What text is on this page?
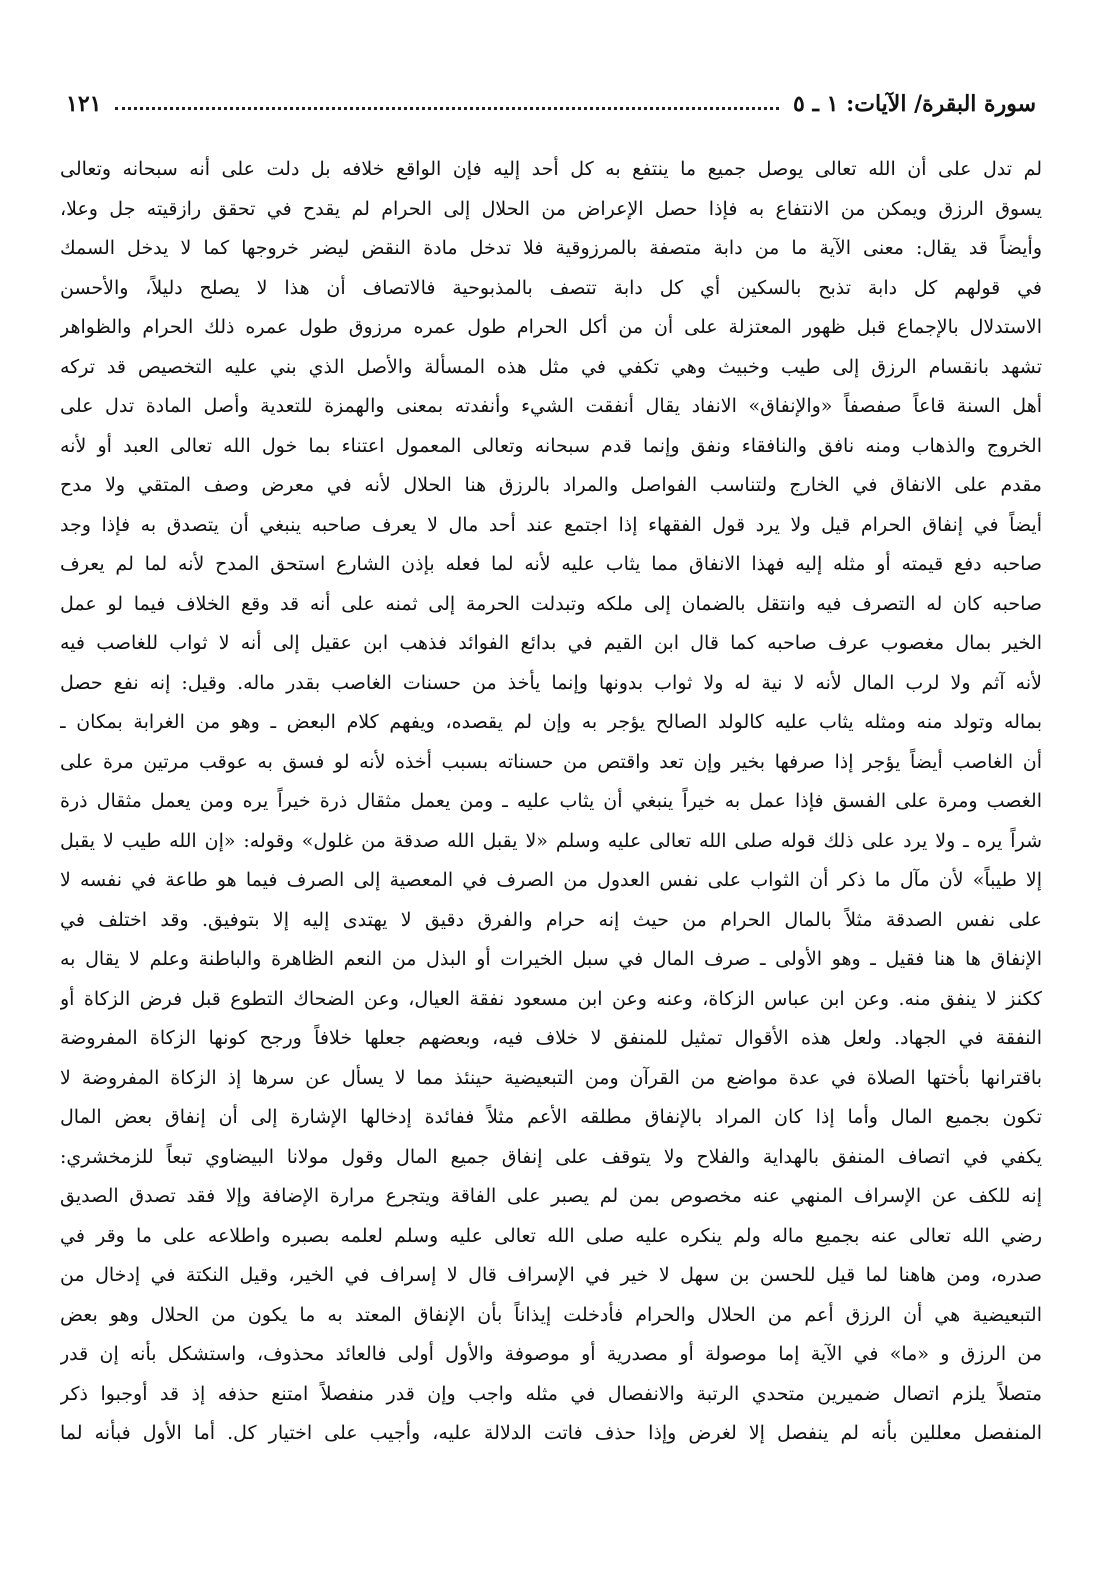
سورة البقرة/ الآيات: ١ ـ ٥
١٢١
لم تدل على أن الله تعالى يوصل جميع ما ينتفع به كل أحد إليه فإن الواقع خلافه بل دلت على أنه سبحانه وتعالى
يسوق الرزق ويمكن من الانتفاع به فإذا حصل الإعراض من الحلال إلى الحرام لم يقدح في تحقق رازقيته جل وعلا،
وأيضاً قد يقال: معنى الآية ما من دابة متصفة بالمرزوقية فلا تدخل مادة النقض ليضر خروجها كما لا يدخل السمك
في قولهم كل دابة تذبح بالسكين أي كل دابة تتصف بالمذبوحية فالاتصاف أن هذا لا يصلح دليلاً، والأحسن
الاستدلال بالإجماع قبل ظهور المعتزلة على أن من أكل الحرام طول عمره مرزوق طول عمره ذلك الحرام والظواهر
تشهد بانقسام الرزق إلى طيب وخبيث وهي تكفي في مثل هذه المسألة والأصل الذي بني عليه التخصيص قد تركه
أهل السنة قاعاً صفصفاً «والإنفاق» الانفاد يقال أنفقت الشيء وأنفدته بمعنى والهمزة للتعدية وأصل المادة تدل على
الخروج والذهاب ومنه نافق والنافقاء ونفق وإنما قدم سبحانه وتعالى المعمول اعتناء بما خول الله تعالى العبد أو لأنه
مقدم على الانفاق في الخارج ولتناسب الفواصل والمراد بالرزق هنا الحلال لأنه في معرض وصف المتقي ولا مدح
أيضاً في إنفاق الحرام قيل ولا يرد قول الفقهاء إذا اجتمع عند أحد مال لا يعرف صاحبه ينبغي أن يتصدق به فإذا وجد
صاحبه دفع قيمته أو مثله إليه فهذا الانفاق مما يثاب عليه لأنه لما فعله بإذن الشارع استحق المدح لأنه لما لم يعرف
صاحبه كان له التصرف فيه وانتقل بالضمان إلى ملكه وتبدلت الحرمة إلى ثمنه على أنه قد وقع الخلاف فيما لو عمل
الخير بمال مغصوب عرف صاحبه كما قال ابن القيم في بدائع الفوائد فذهب ابن عقيل إلى أنه لا ثواب للغاصب فيه
لأنه آثم ولا لرب المال لأنه لا نية له ولا ثواب بدونها وإنما يأخذ من حسنات الغاصب بقدر ماله. وقيل: إنه نفع حصل
بماله وتولد منه ومثله يثاب عليه كالولد الصالح يؤجر به وإن لم يقصده، ويفهم كلام البعض ـ وهو من الغرابة بمكان ـ
أن الغاصب أيضاً يؤجر إذا صرفها بخير وإن تعد واقتص من حسناته بسبب أخذه لأنه لو فسق به عوقب مرتين مرة على
الغصب ومرة على الفسق فإذا عمل به خيراً ينبغي أن يثاب عليه ـ ومن يعمل مثقال ذرة خيراً يره ومن يعمل مثقال ذرة
شراً يره ـ ولا يرد على ذلك قوله صلى الله تعالى عليه وسلم «لا يقبل الله صدقة من غلول» وقوله: «إن الله طيب لا يقبل
إلا طيباً» لأن مآل ما ذكر أن الثواب على نفس العدول من الصرف في المعصية إلى الصرف فيما هو طاعة في نفسه لا
على نفس الصدقة مثلاً بالمال الحرام من حيث إنه حرام والفرق دقيق لا يهتدى إليه إلا بتوفيق. وقد اختلف في
الإنفاق ها هنا فقيل ـ وهو الأولى ـ صرف المال في سبل الخيرات أو البذل من النعم الظاهرة والباطنة وعلم لا يقال به
ككنز لا ينفق منه. وعن ابن عباس الزكاة، وعنه وعن ابن مسعود نفقة العيال، وعن الضحاك التطوع قبل فرض الزكاة أو
النفقة في الجهاد. ولعل هذه الأقوال تمثيل للمنفق لا خلاف فيه، وبعضهم جعلها خلافاً ورجح كونها الزكاة المفروضة
باقترانها بأختها الصلاة في عدة مواضع من القرآن ومن التبعيضية حينئذ مما لا يسأل عن سرها إذ الزكاة المفروضة لا
تكون بجميع المال وأما إذا كان المراد بالإنفاق مطلقه الأعم مثلاً ففائدة إدخالها الإشارة إلى أن إنفاق بعض المال
يكفي في اتصاف المنفق بالهداية والفلاح ولا يتوقف على إنفاق جميع المال وقول مولانا البيضاوي تبعاً للزمخشري:
إنه للكف عن الإسراف المنهي عنه مخصوص بمن لم يصبر على الفاقة ويتجرع مرارة الإضافة وإلا فقد تصدق الصديق
رضي الله تعالى عنه بجميع ماله ولم ينكره عليه صلى الله تعالى عليه وسلم لعلمه بصبره واطلاعه على ما وقر في
صدره، ومن هاهنا لما قيل للحسن بن سهل لا خير في الإسراف قال لا إسراف في الخير، وقيل النكتة في إدخال من
التبعيضية هي أن الرزق أعم من الحلال والحرام فأدخلت إيذاناً بأن الإنفاق المعتد به ما يكون من الحلال وهو بعض
من الرزق و «ما» في الآية إما موصولة أو مصدرية أو موصوفة والأول أولى فالعائد محذوف، واستشكل بأنه إن قدر
متصلاً يلزم اتصال ضميرين متحدي الرتبة والانفصال في مثله واجب وإن قدر منفصلاً امتنع حذفه إذ قد أوجبوا ذكر
المنفصل معللين بأنه لم ينفصل إلا لغرض وإذا حذف فاتت الدلالة عليه، وأجيب على اختيار كل. أما الأول فبأنه لما
